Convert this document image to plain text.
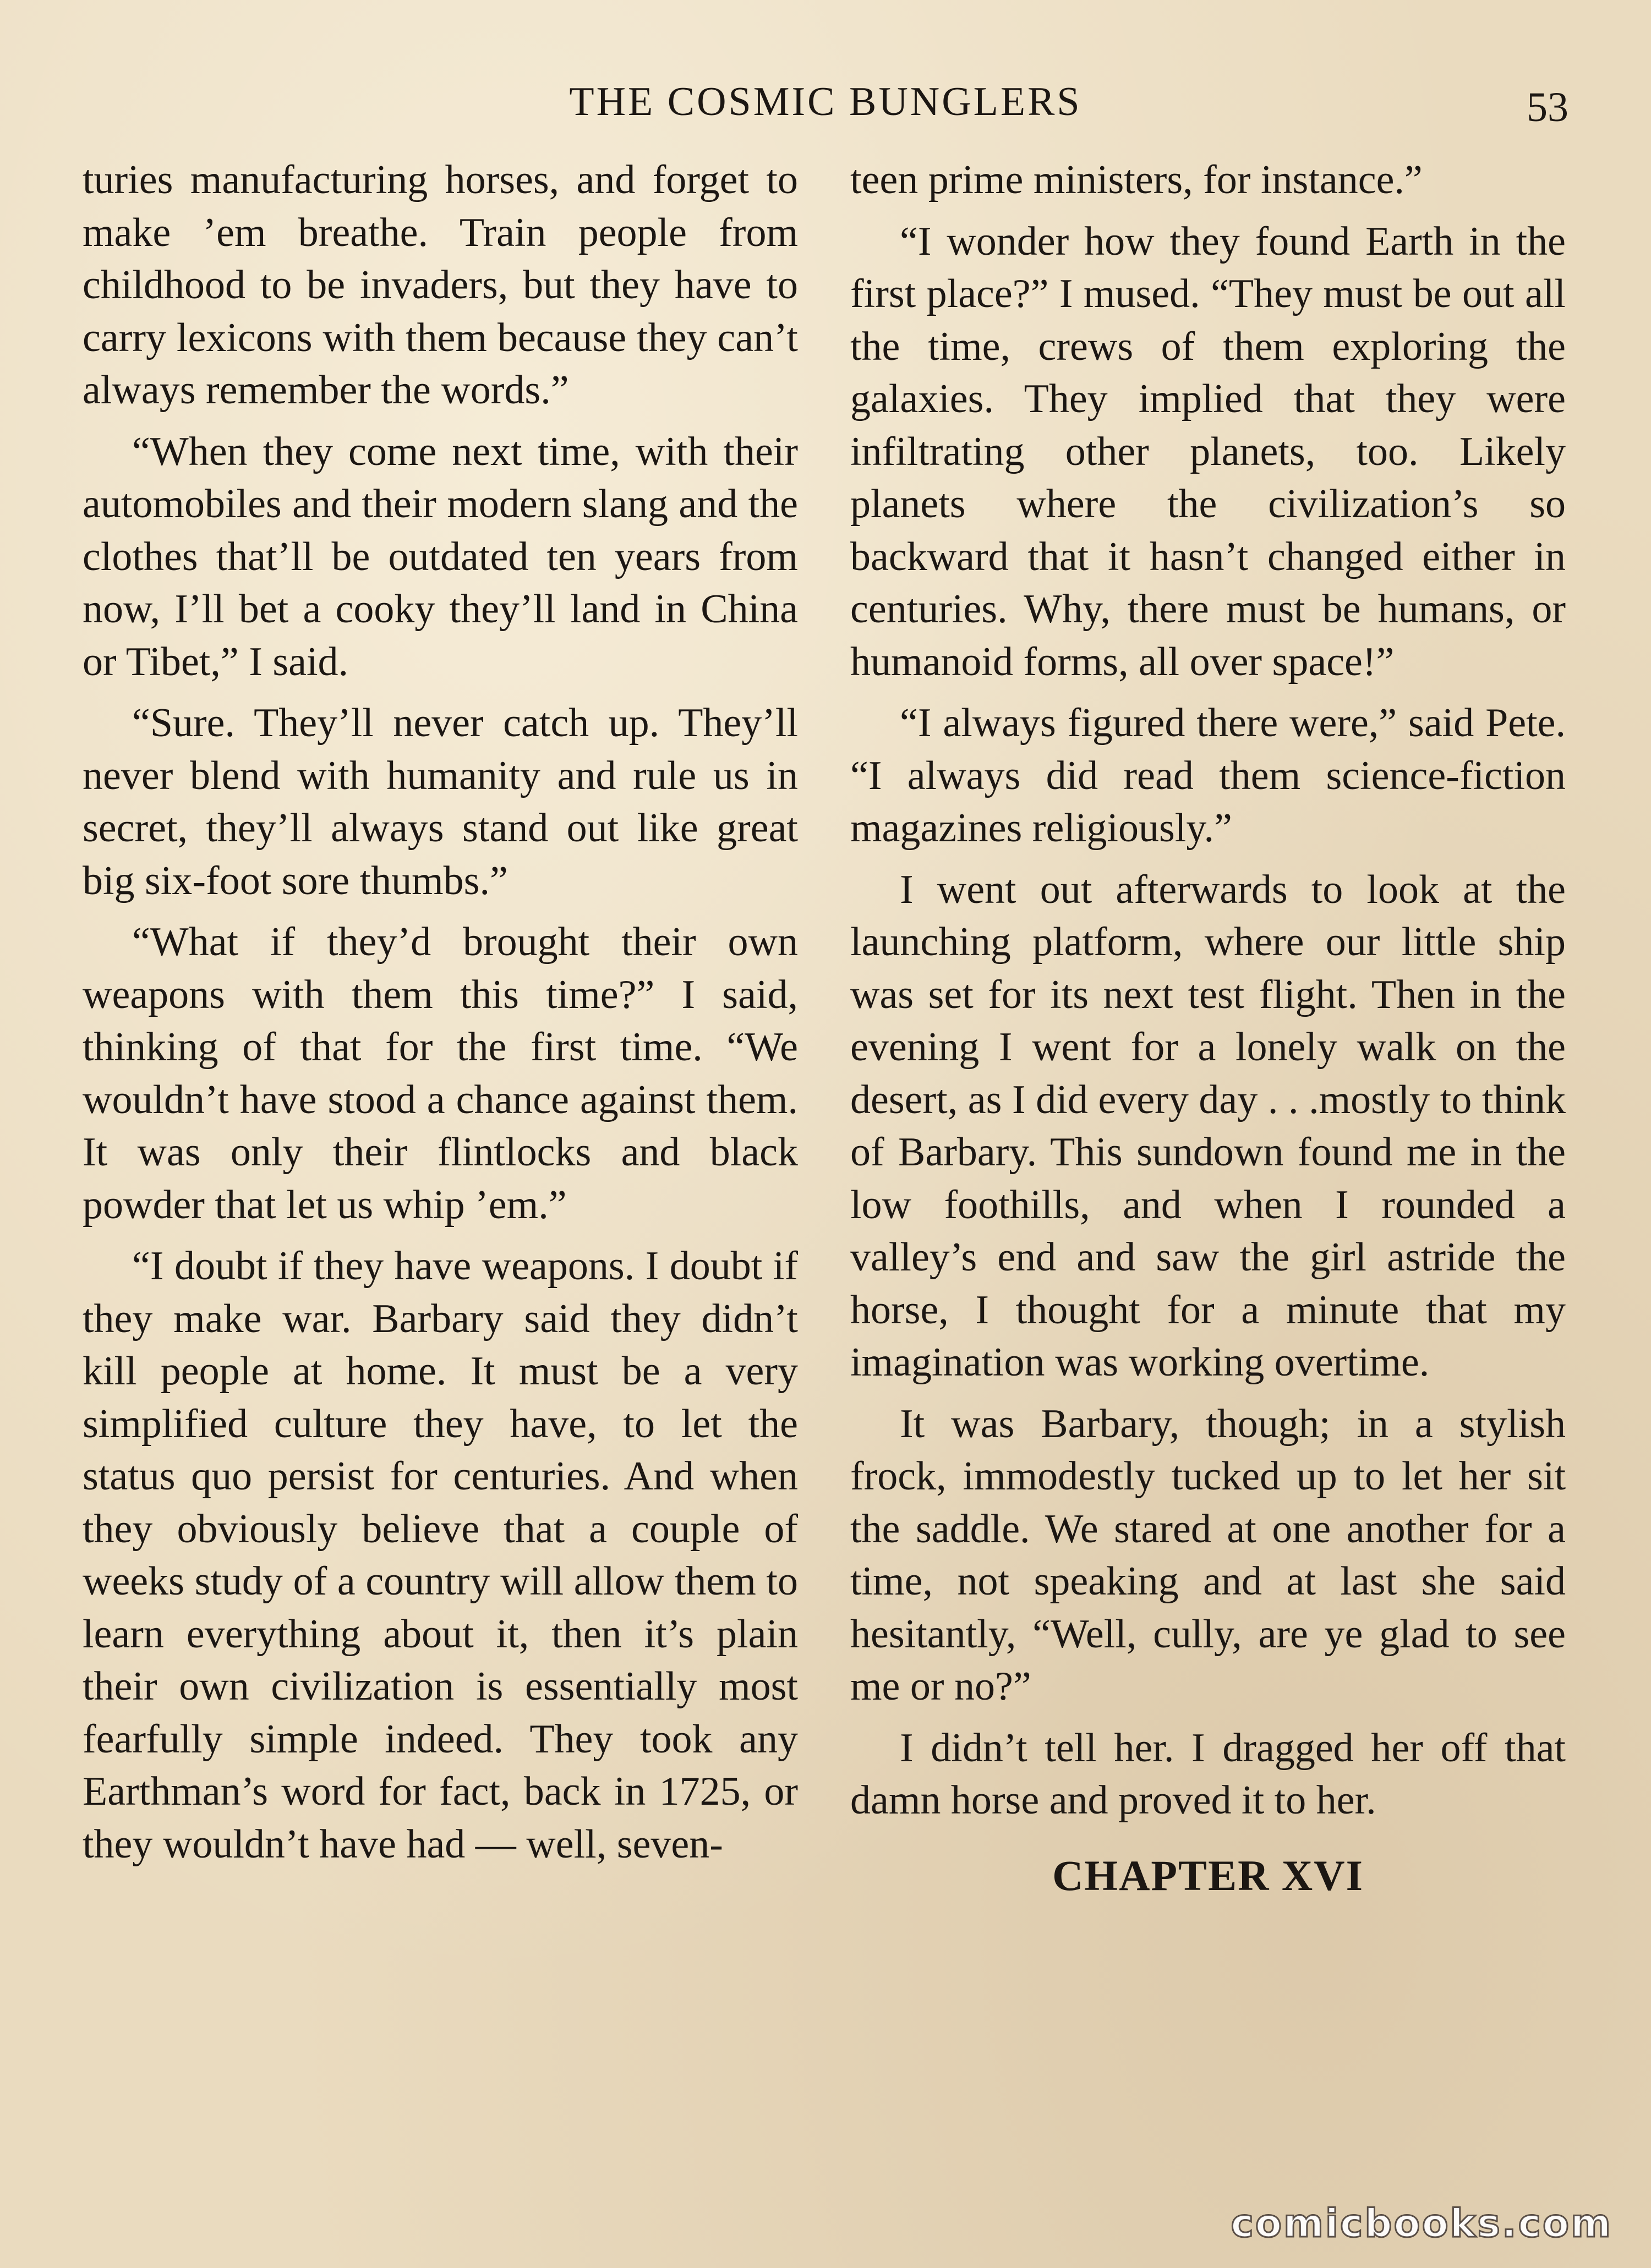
THE COSMIC BUNGLERS	53

turies manufacturing horses, and forget to make ’em breathe. Train people from childhood to be invaders, but they have to carry lexicons with them because they can’t always remember the words.”

“When they come next time, with their automobiles and their modern slang and the clothes that’ll be outdated ten years from now, I’ll bet a cooky they’ll land in China or Tibet,” I said.

“Sure. They’ll never catch up. They’ll never blend with humanity and rule us in secret, they’ll always stand out like great big six-foot sore thumbs.”

“What if they’d brought their own weapons with them this time?” I said, thinking of that for the first time. “We wouldn’t have stood a chance against them. It was only their flintlocks and black powder that let us whip ’em.”

“I doubt if they have weapons. I doubt if they make war. Barbary said they didn’t kill people at home. It must be a very simplified culture they have, to let the status quo persist for centuries. And when they obviously believe that a couple of weeks study of a country will allow them to learn everything about it, then it’s plain their own civilization is essentially most fearfully simple indeed. They took any Earthman’s word for fact, back in 1725, or they wouldn’t have had — well, seven-

teen prime ministers, for instance.”

“I wonder how they found Earth in the first place?” I mused. “They must be out all the time, crews of them exploring the galaxies. They implied that they were infiltrating other planets, too. Likely planets where the civilization’s so backward that it hasn’t changed either in centuries. Why, there must be humans, or humanoid forms, all over space!”

“I always figured there were,” said Pete. “I always did read them science-fiction magazines religiously.”

I went out afterwards to look at the launching platform, where our little ship was set for its next test flight. Then in the evening I went for a lonely walk on the desert, as I did every day . . .mostly to think of Barbary. This sundown found me in the low foothills, and when I rounded a valley’s end and saw the girl astride the horse, I thought for a minute that my imagination was working overtime.

It was Barbary, though; in a stylish frock, immodestly tucked up to let her sit the saddle. We stared at one another for a time, not speaking and at last she said hesitantly, “Well, cully, are ye glad to see me or no?”

I didn’t tell her. I dragged her off that damn horse and proved it to her.

CHAPTER XVI

comicbooks.com
